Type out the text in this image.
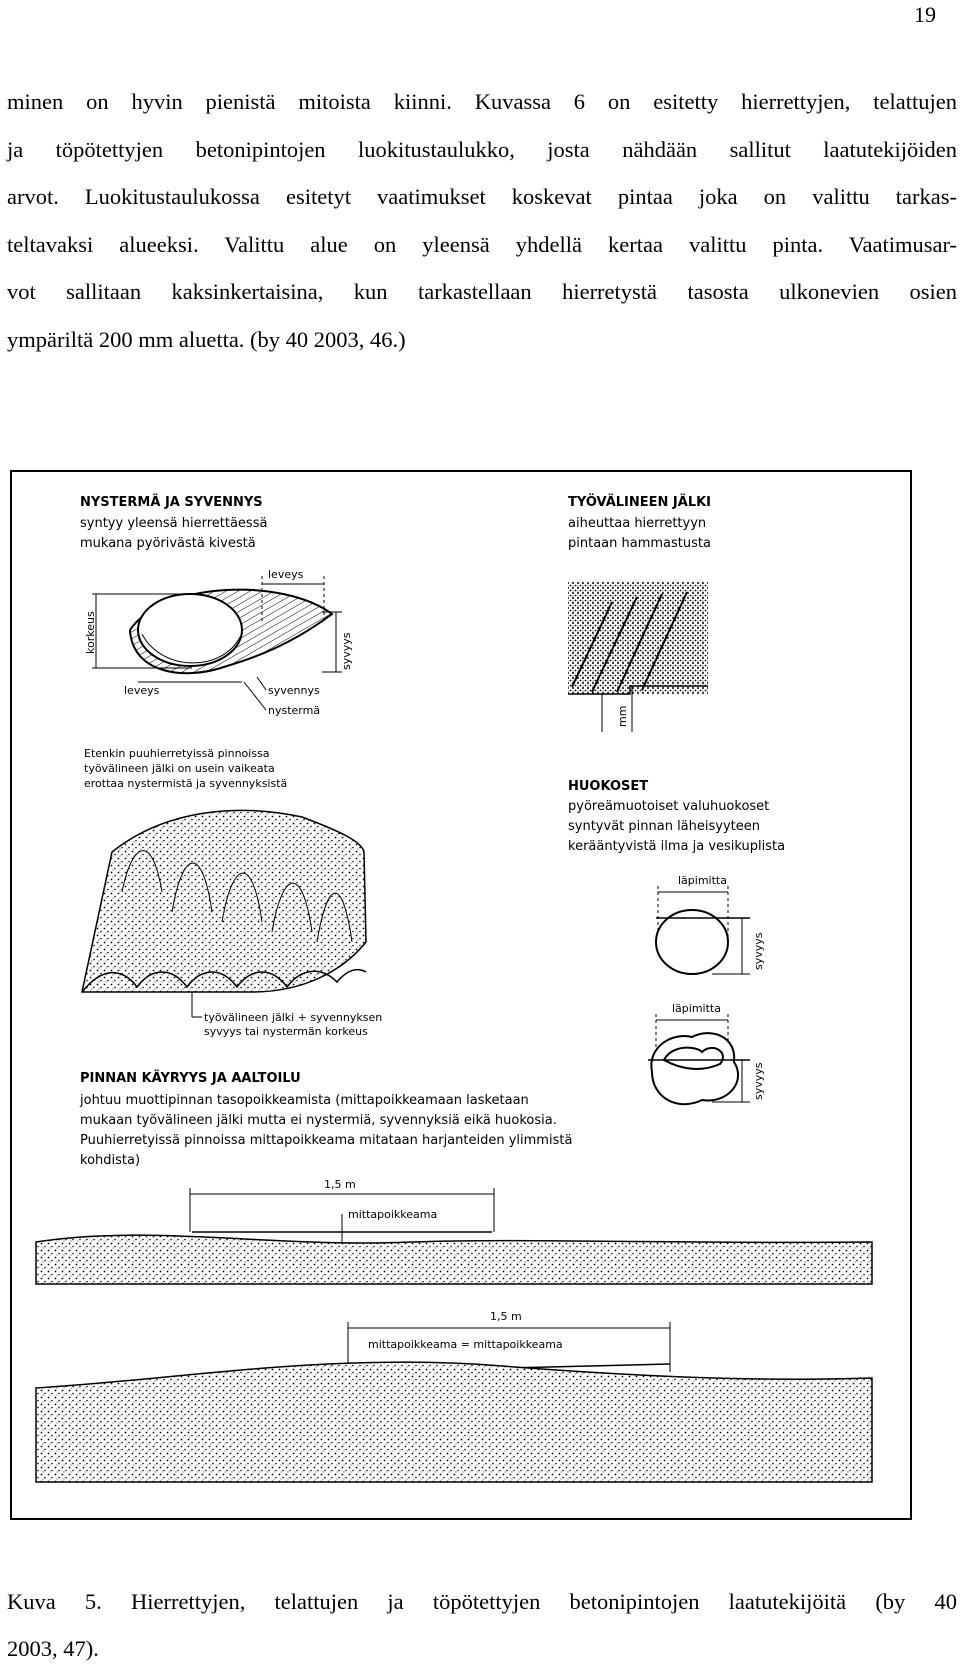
19
minen on hyvin pienistä mitoista kiinni. Kuvassa 6 on esitetty hierrettyjen, telattujen
ja töpötettyjen betonipintojen luokitustaulukko, josta nähdään sallitut laatutekijöiden
arvot. Luokitustaulukossa esitetyt vaatimukset koskevat pintaa joka on valittu tarkas-
teltavaksi alueeksi. Valittu alue on yleensä yhdellä kertaa valittu pinta. Vaatimusar-
vot sallitaan kaksinkertaisina, kun tarkastellaan hierretystä tasosta ulkonevien osien
ympäriltä 200 mm aluetta. (by 40 2003, 46.)
NYSTERMÄ JA SYVENNYS
syntyy yleensä hierrettäessä
mukana pyörivästä kivestä
korkeus
leveys
syvyys
leveys	syvennys
nystermä
Etenkin puuhierretyissä pinnoissa
työvälineen jälki on usein vaikeata
erottaa nystermistä ja syvennyksistä
työvälineen jälki + syvennyksen
syvyys tai nystermän korkeus
TYÖVÄLINEEN JÄLKI
aiheuttaa hierrettyyn
pintaan hammastusta
mm
HUOKOSET
pyöreämuotoiset valuhuokoset
syntyvät pinnan läheisyyteen
kerääntyvistä ilma ja vesikuplista
läpimitta
syvyys
läpimitta
syvyys
PINNAN KÄYRYYS JA AALTOILU
johtuu muottipinnan tasopoikkeamista (mittapoikkeamaan lasketaan
mukaan työvälineen jälki mutta ei nystermiä, syvennyksiä eikä huokosia.
Puuhierretyissä pinnoissa mittapoikkeama mitataan harjanteiden ylimmistä
kohdista)
1,5 m
mittapoikkeama
1,5 m
mittapoikkeama = mittapoikkeama
Kuva 5. Hierrettyjen, telattujen ja töpötettyjen betonipintojen laatutekijöitä (by 40
2003, 47).
